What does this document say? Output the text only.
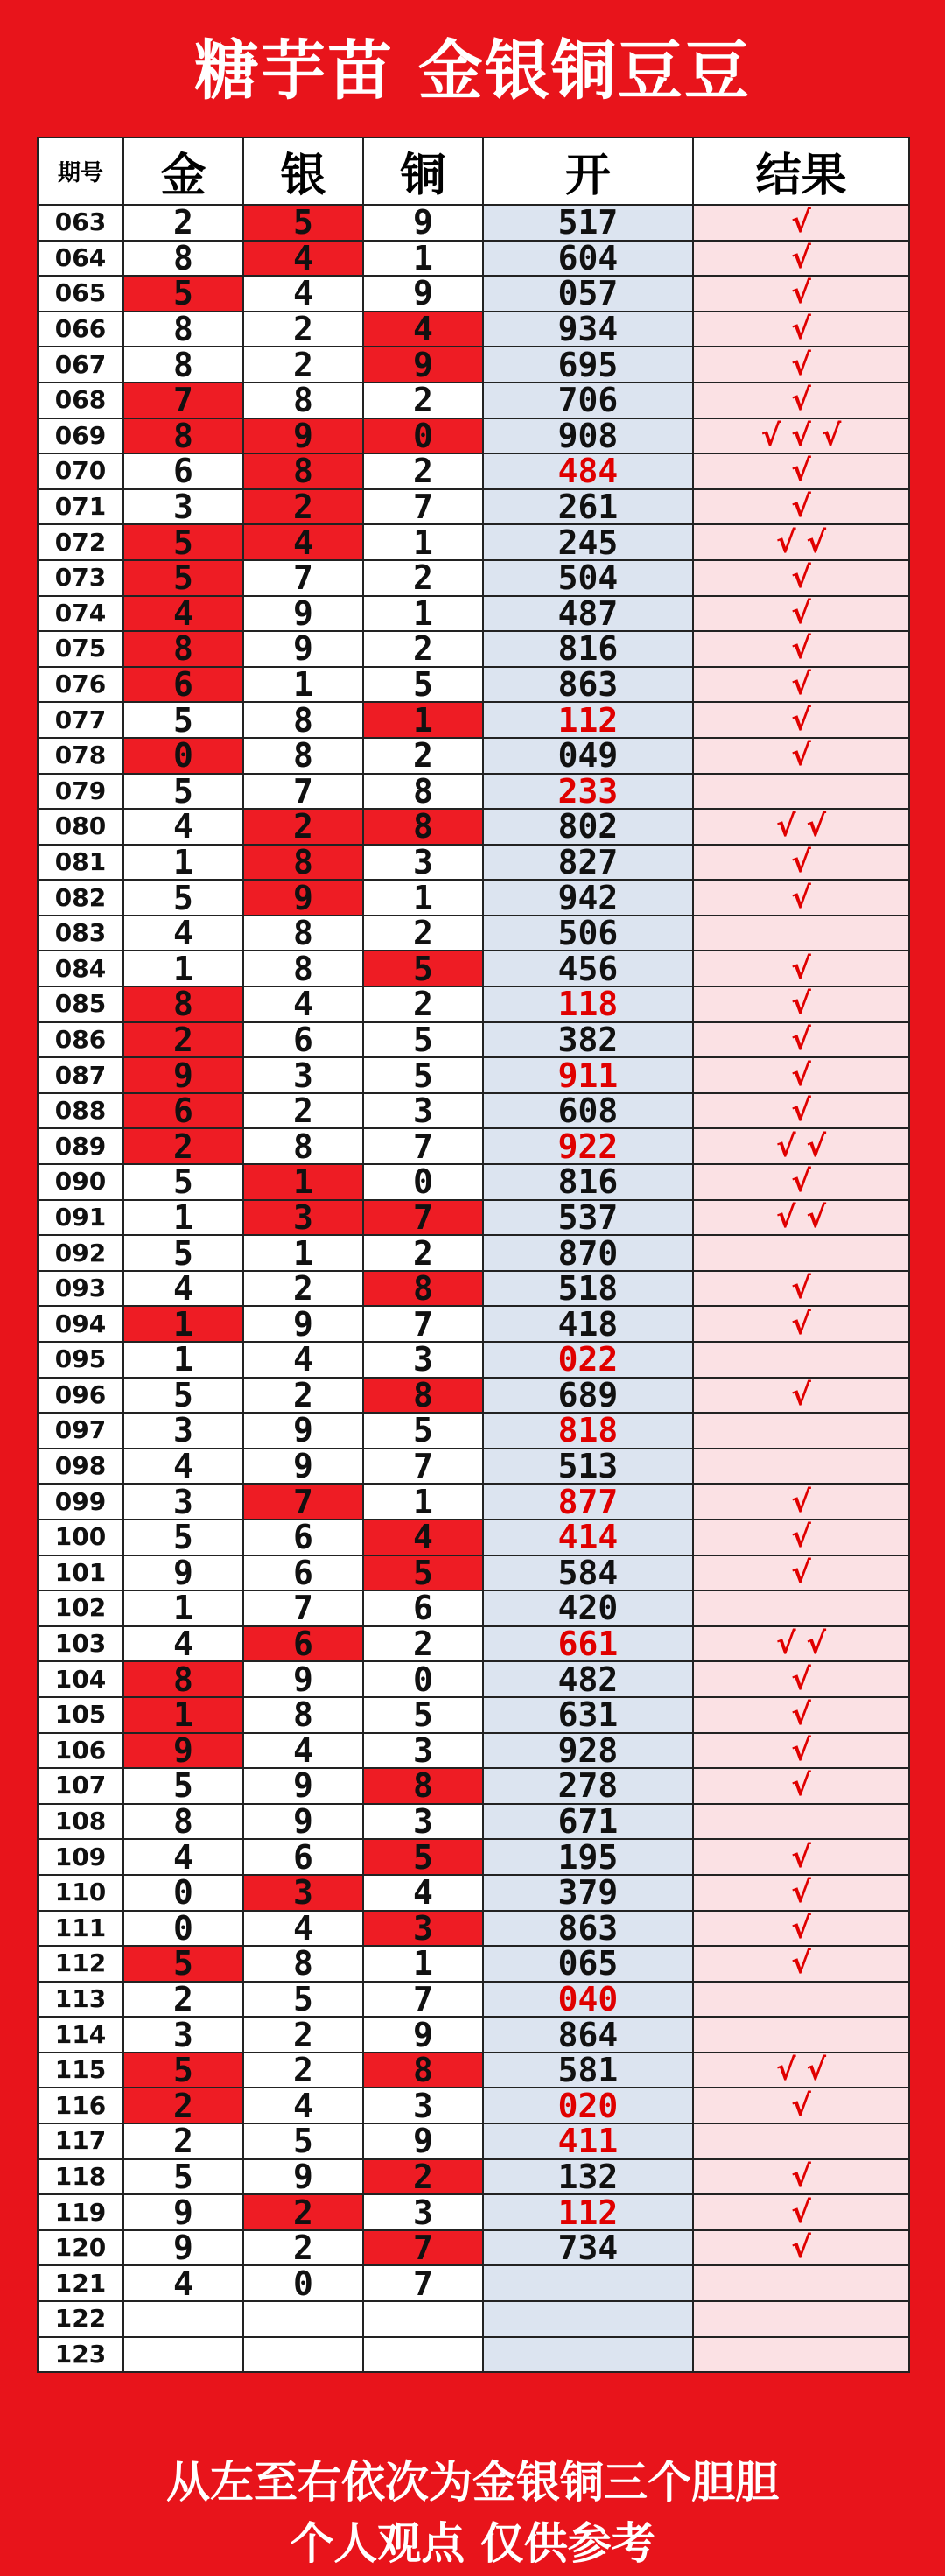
糖芋苗 金银铜豆豆
期号	金	银	铜	开	结果
063	2	5	9	517	√
064	8	4	1	604	√
065	5	4	9	057	√
066	8	2	4	934	√
067	8	2	9	695	√
068	7	8	2	706	√
069	8	9	0	908	√ √ √
070	6	8	2	484	√
071	3	2	7	261	√
072	5	4	1	245	√ √
073	5	7	2	504	√
074	4	9	1	487	√
075	8	9	2	816	√
076	6	1	5	863	√
077	5	8	1	112	√
078	0	8	2	049	√
079	5	7	8	233	
080	4	2	8	802	√ √
081	1	8	3	827	√
082	5	9	1	942	√
083	4	8	2	506	
084	1	8	5	456	√
085	8	4	2	118	√
086	2	6	5	382	√
087	9	3	5	911	√
088	6	2	3	608	√
089	2	8	7	922	√ √
090	5	1	0	816	√
091	1	3	7	537	√ √
092	5	1	2	870	
093	4	2	8	518	√
094	1	9	7	418	√
095	1	4	3	022	
096	5	2	8	689	√
097	3	9	5	818	
098	4	9	7	513	
099	3	7	1	877	√
100	5	6	4	414	√
101	9	6	5	584	√
102	1	7	6	420	
103	4	6	2	661	√ √
104	8	9	0	482	√
105	1	8	5	631	√
106	9	4	3	928	√
107	5	9	8	278	√
108	8	9	3	671	
109	4	6	5	195	√
110	0	3	4	379	√
111	0	4	3	863	√
112	5	8	1	065	√
113	2	5	7	040	
114	3	2	9	864	
115	5	2	8	581	√ √
116	2	4	3	020	√
117	2	5	9	411	
118	5	9	2	132	√
119	9	2	3	112	√
120	9	2	7	734	√
121	4	0	7		
122					
123					
从左至右依次为金银铜三个胆胆
个人观点 仅供参考
